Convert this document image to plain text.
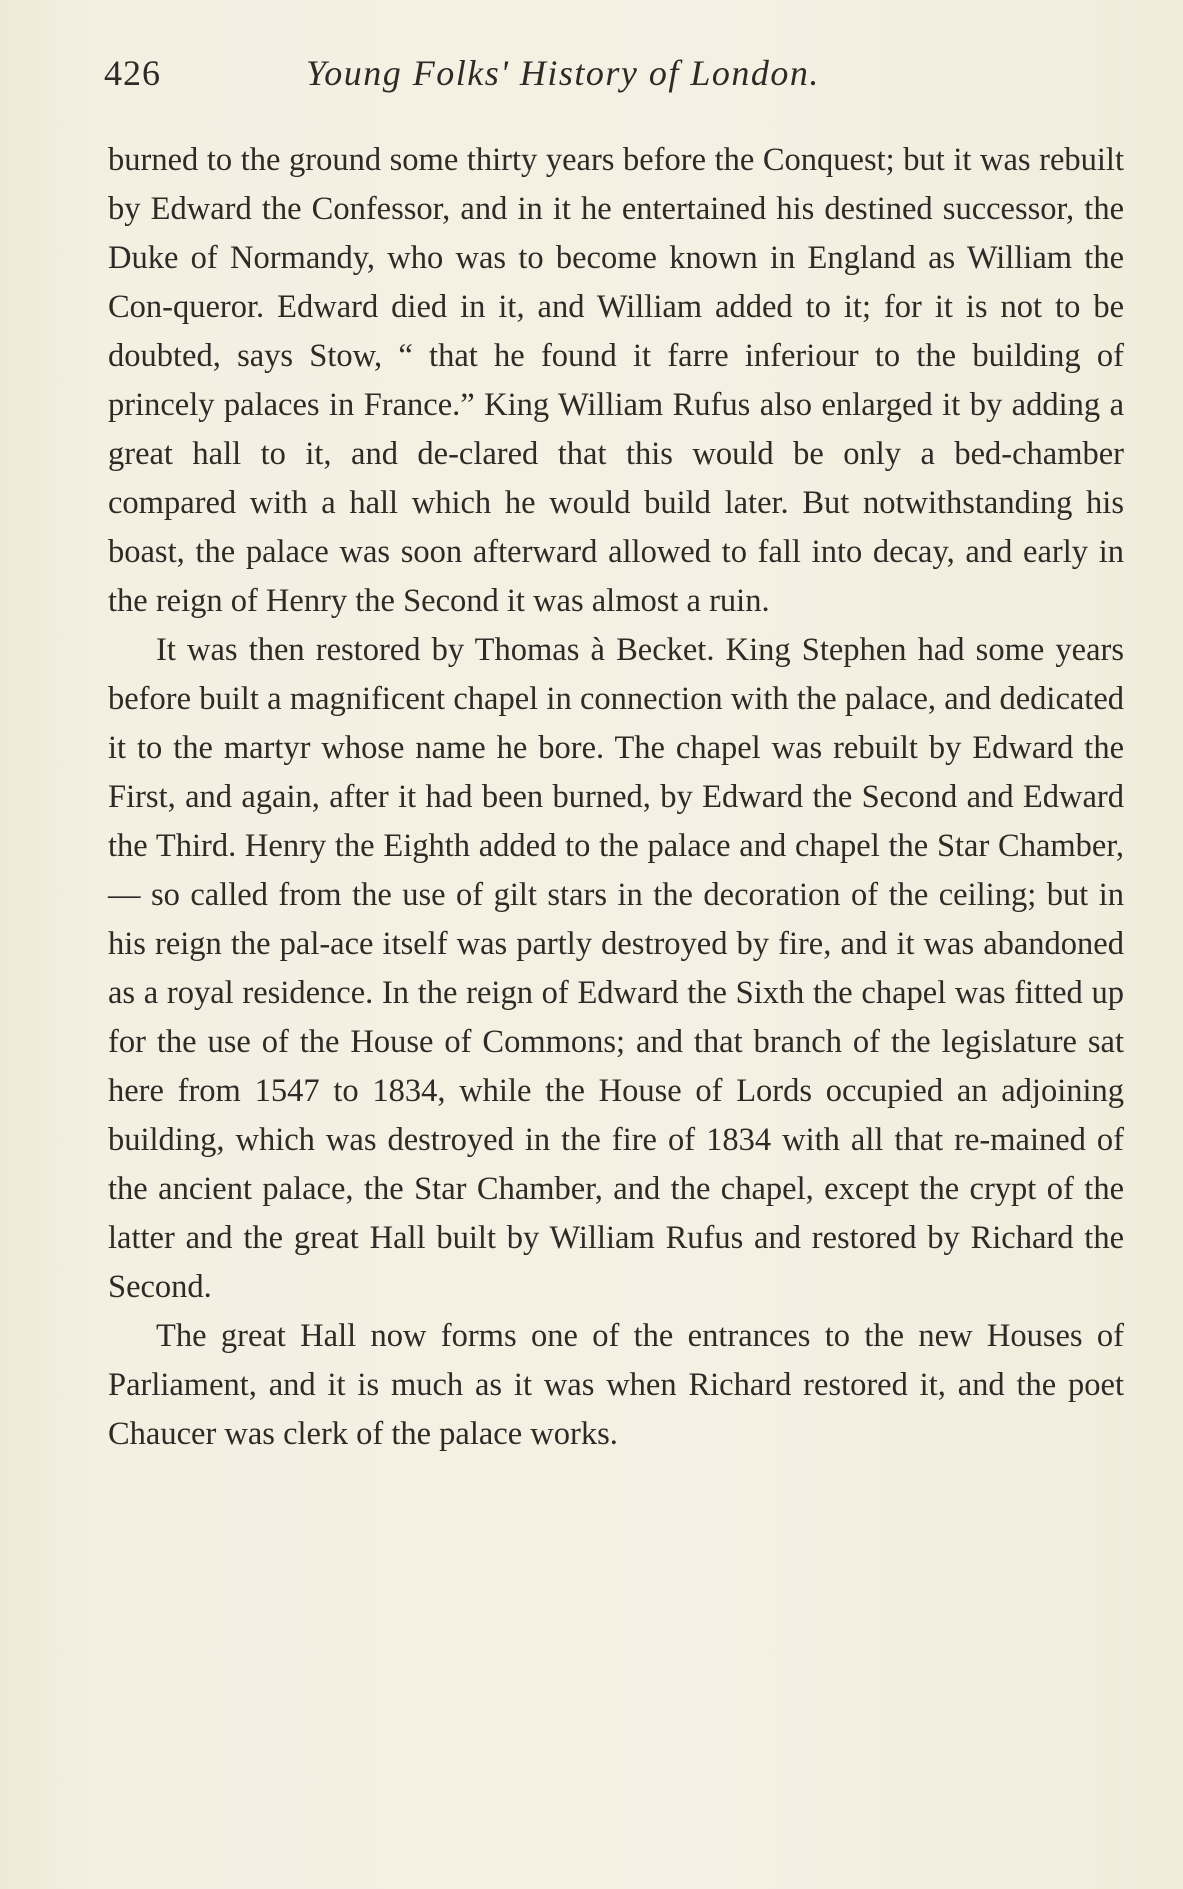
426	Young Folks' History of London.

burned to the ground some thirty years before the Conquest; but it was rebuilt by Edward the Confessor, and in it he entertained his destined successor, the Duke of Normandy, who was to become known in England as William the Con-queror. Edward died in it, and William added to it; for it is not to be doubted, says Stow, “ that he found it farre inferiour to the building of princely palaces in France.” King William Rufus also enlarged it by adding a great hall to it, and de-clared that this would be only a bed-chamber compared with a hall which he would build later. But notwithstanding his boast, the palace was soon afterward allowed to fall into decay, and early in the reign of Henry the Second it was almost a ruin.

It was then restored by Thomas à Becket. King Stephen had some years before built a magnificent chapel in connection with the palace, and dedicated it to the martyr whose name he bore. The chapel was rebuilt by Edward the First, and again, after it had been burned, by Edward the Second and Edward the Third. Henry the Eighth added to the palace and chapel the Star Chamber,— so called from the use of gilt stars in the decoration of the ceiling; but in his reign the pal-ace itself was partly destroyed by fire, and it was abandoned as a royal residence. In the reign of Edward the Sixth the chapel was fitted up for the use of the House of Commons; and that branch of the legislature sat here from 1547 to 1834, while the House of Lords occupied an adjoining building, which was destroyed in the fire of 1834 with all that re-mained of the ancient palace, the Star Chamber, and the chapel, except the crypt of the latter and the great Hall built by William Rufus and restored by Richard the Second.

The great Hall now forms one of the entrances to the new Houses of Parliament, and it is much as it was when Richard restored it, and the poet Chaucer was clerk of the palace works.
